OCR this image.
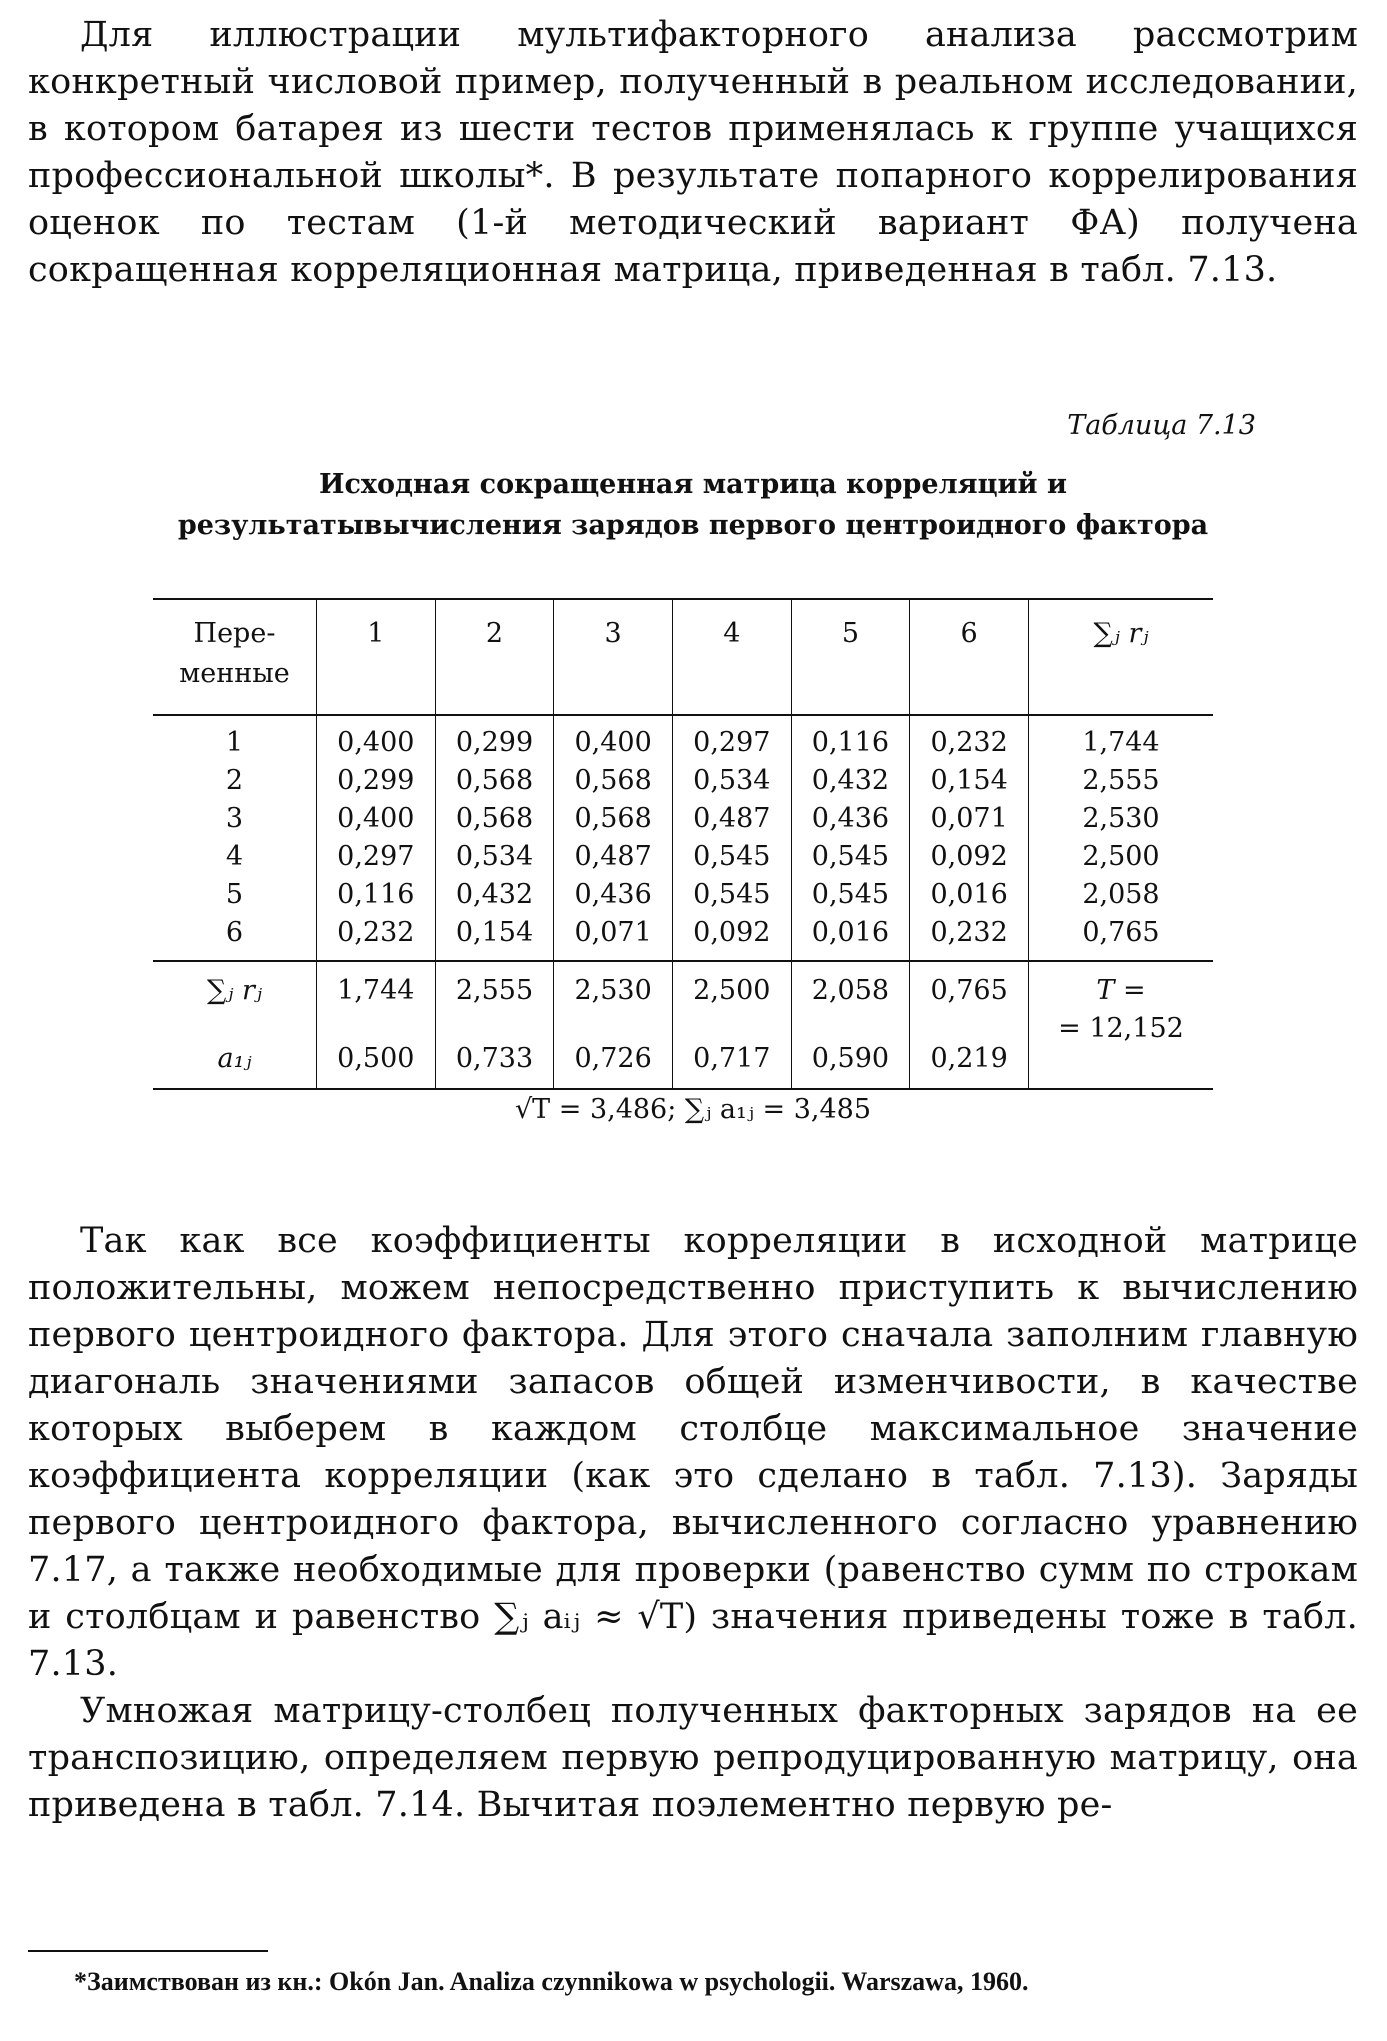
Для иллюстрации мультифакторного анализа рассмотрим конкретный числовой пример, полученный в реальном исследовании, в котором батарея из шести тестов применялась к группе учащихся профессиональной школы*. В результате попарного коррелирования оценок по тестам (1-й методический вариант ФА) получена сокращенная корреляционная матрица, приведенная в табл. 7.13.

Таблица 7.13
Исходная сокращенная матрица корреляций и
результатывычисления зарядов первого центроидного фактора
Пере-
менные	1	2	3	4	5	6	∑ⱼ rⱼ
1	0,400	0,299	0,400	0,297	0,116	0,232	1,744
2	0,299	0,568	0,568	0,534	0,432	0,154	2,555
3	0,400	0,568	0,568	0,487	0,436	0,071	2,530
4	0,297	0,534	0,487	0,545	0,545	0,092	2,500
5	0,116	0,432	0,436	0,545	0,545	0,016	2,058
6	0,232	0,154	0,071	0,092	0,016	0,232	0,765
∑ⱼ rⱼ	1,744	2,555	2,530	2,500	2,058	0,765	T =
= 12,152
a₁ⱼ	0,500	0,733	0,726	0,717	0,590	0,219	
√T = 3,486; ∑ⱼ a₁ⱼ = 3,485

Так как все коэффициенты корреляции в исходной матрице положительны, можем непосредственно приступить к вычислению первого центроидного фактора. Для этого сначала заполним главную диагональ значениями запасов общей изменчивости, в качестве которых выберем в каждом столбце максимальное значение коэффициента корреляции (как это сделано в табл. 7.13). Заряды первого центроидного фактора, вычисленного согласно уравнению 7.17, а также необходимые для проверки (равенство сумм по строкам и столбцам и равенство ∑ⱼ aᵢⱼ ≈ √T) значения приведены тоже в табл. 7.13.

Умножая матрицу-столбец полученных факторных зарядов на ее транспозицию, определяем первую репродуцированную матрицу, она приведена в табл. 7.14. Вычитая поэлементно первую ре-

*Заимствован из кн.: Okón Jan. Analiza czynnikowa w psychologii. Warszawa, 1960.
